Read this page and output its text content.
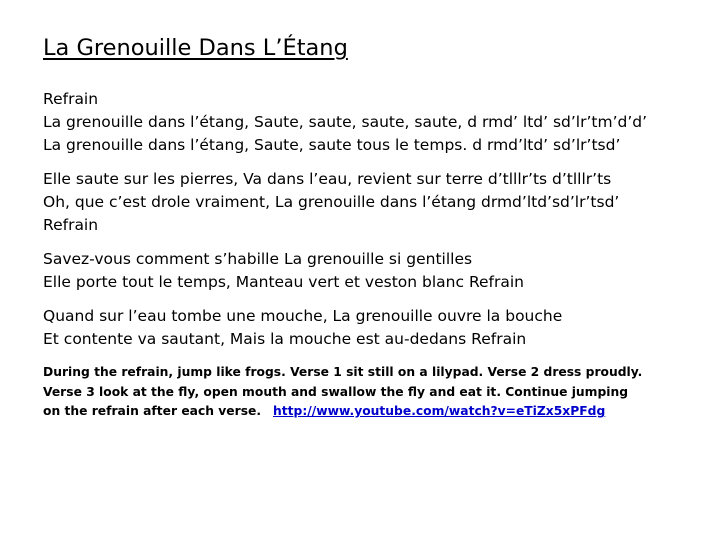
La Grenouille Dans L’Étang
Refrain
La grenouille dans l’étang, Saute, saute, saute, saute, d rmd’ ltd’ sd’lr’tm’d’d’
La grenouille dans l’étang, Saute, saute tous le temps. d rmd’ltd’ sd’lr’tsd’
Elle saute sur les pierres, Va dans l’eau, revient sur terre d’tlllr’ts d’tlllr’ts
Oh, que c’est drole vraiment, La grenouille dans l’étang drmd’ltd’sd’lr’tsd’
Refrain
Savez-vous comment s’habille La grenouille si gentilles
Elle porte tout le temps, Manteau vert et veston blanc Refrain
Quand sur l’eau tombe une mouche, La grenouille ouvre la bouche
Et contente va sautant, Mais la mouche est au-dedans Refrain
During the refrain, jump like frogs. Verse 1 sit still on a lilypad. Verse 2 dress proudly.
Verse 3 look at the fly, open mouth and swallow the fly and eat it. Continue jumping
on the refrain after each verse. http://www.youtube.com/watch?v=eTiZx5xPFdg
